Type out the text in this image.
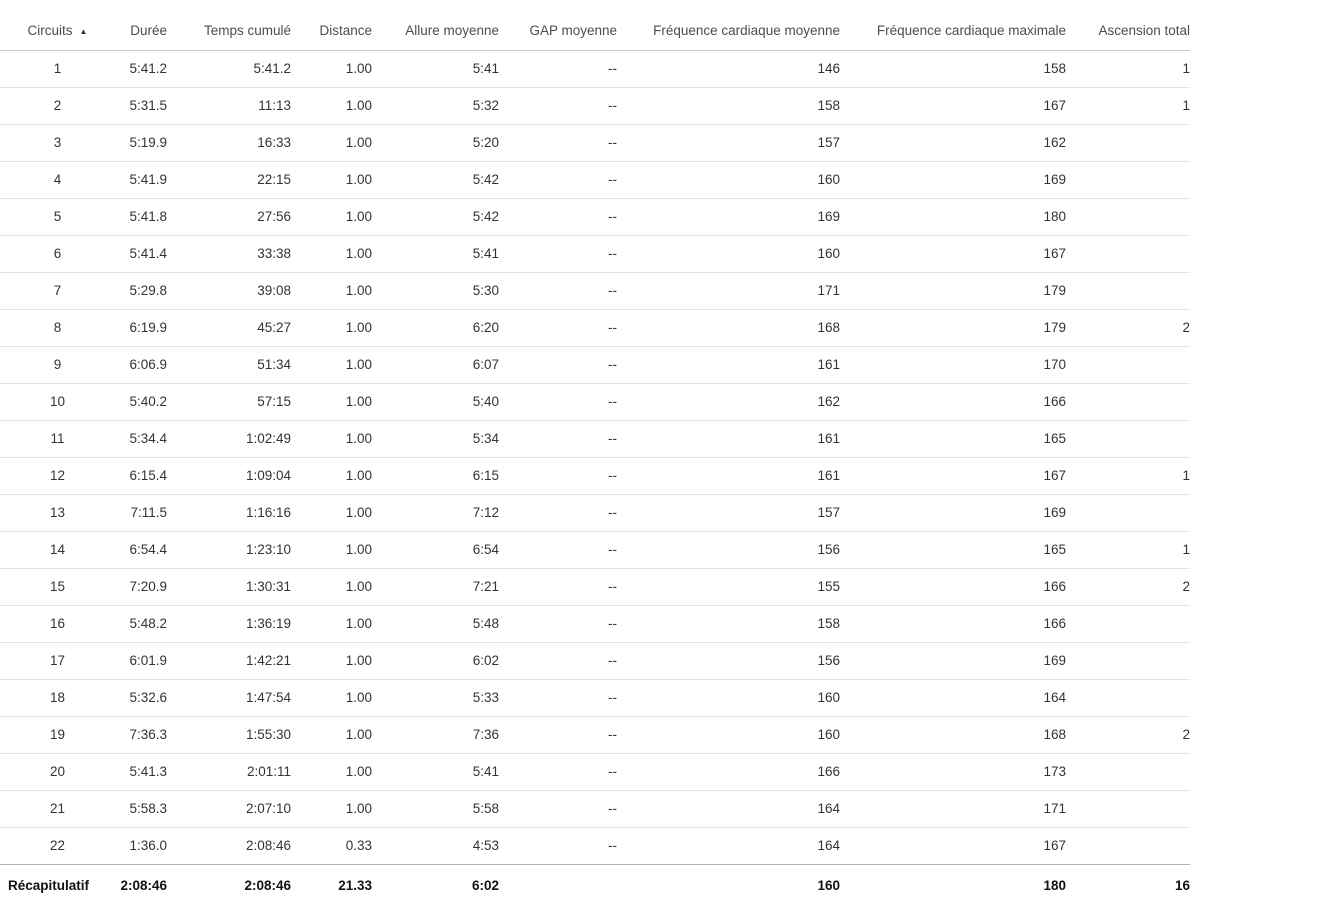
Circuits ▲	Durée	Temps cumulé	Distance	Allure moyenne	GAP moyenne	Fréquence cardiaque moyenne	Fréquence cardiaque maximale	Ascension total
1	5:41.2	5:41.2	1.00	5:41	--	146	158	1
2	5:31.5	11:13	1.00	5:32	--	158	167	1
3	5:19.9	16:33	1.00	5:20	--	157	162	
4	5:41.9	22:15	1.00	5:42	--	160	169	
5	5:41.8	27:56	1.00	5:42	--	169	180	
6	5:41.4	33:38	1.00	5:41	--	160	167	
7	5:29.8	39:08	1.00	5:30	--	171	179	
8	6:19.9	45:27	1.00	6:20	--	168	179	2
9	6:06.9	51:34	1.00	6:07	--	161	170	
10	5:40.2	57:15	1.00	5:40	--	162	166	
11	5:34.4	1:02:49	1.00	5:34	--	161	165	
12	6:15.4	1:09:04	1.00	6:15	--	161	167	1
13	7:11.5	1:16:16	1.00	7:12	--	157	169	
14	6:54.4	1:23:10	1.00	6:54	--	156	165	1
15	7:20.9	1:30:31	1.00	7:21	--	155	166	2
16	5:48.2	1:36:19	1.00	5:48	--	158	166	
17	6:01.9	1:42:21	1.00	6:02	--	156	169	
18	5:32.6	1:47:54	1.00	5:33	--	160	164	
19	7:36.3	1:55:30	1.00	7:36	--	160	168	2
20	5:41.3	2:01:11	1.00	5:41	--	166	173	
21	5:58.3	2:07:10	1.00	5:58	--	164	171	
22	1:36.0	2:08:46	0.33	4:53	--	164	167	
Récapitulatif	2:08:46	2:08:46	21.33	6:02		160	180	16
